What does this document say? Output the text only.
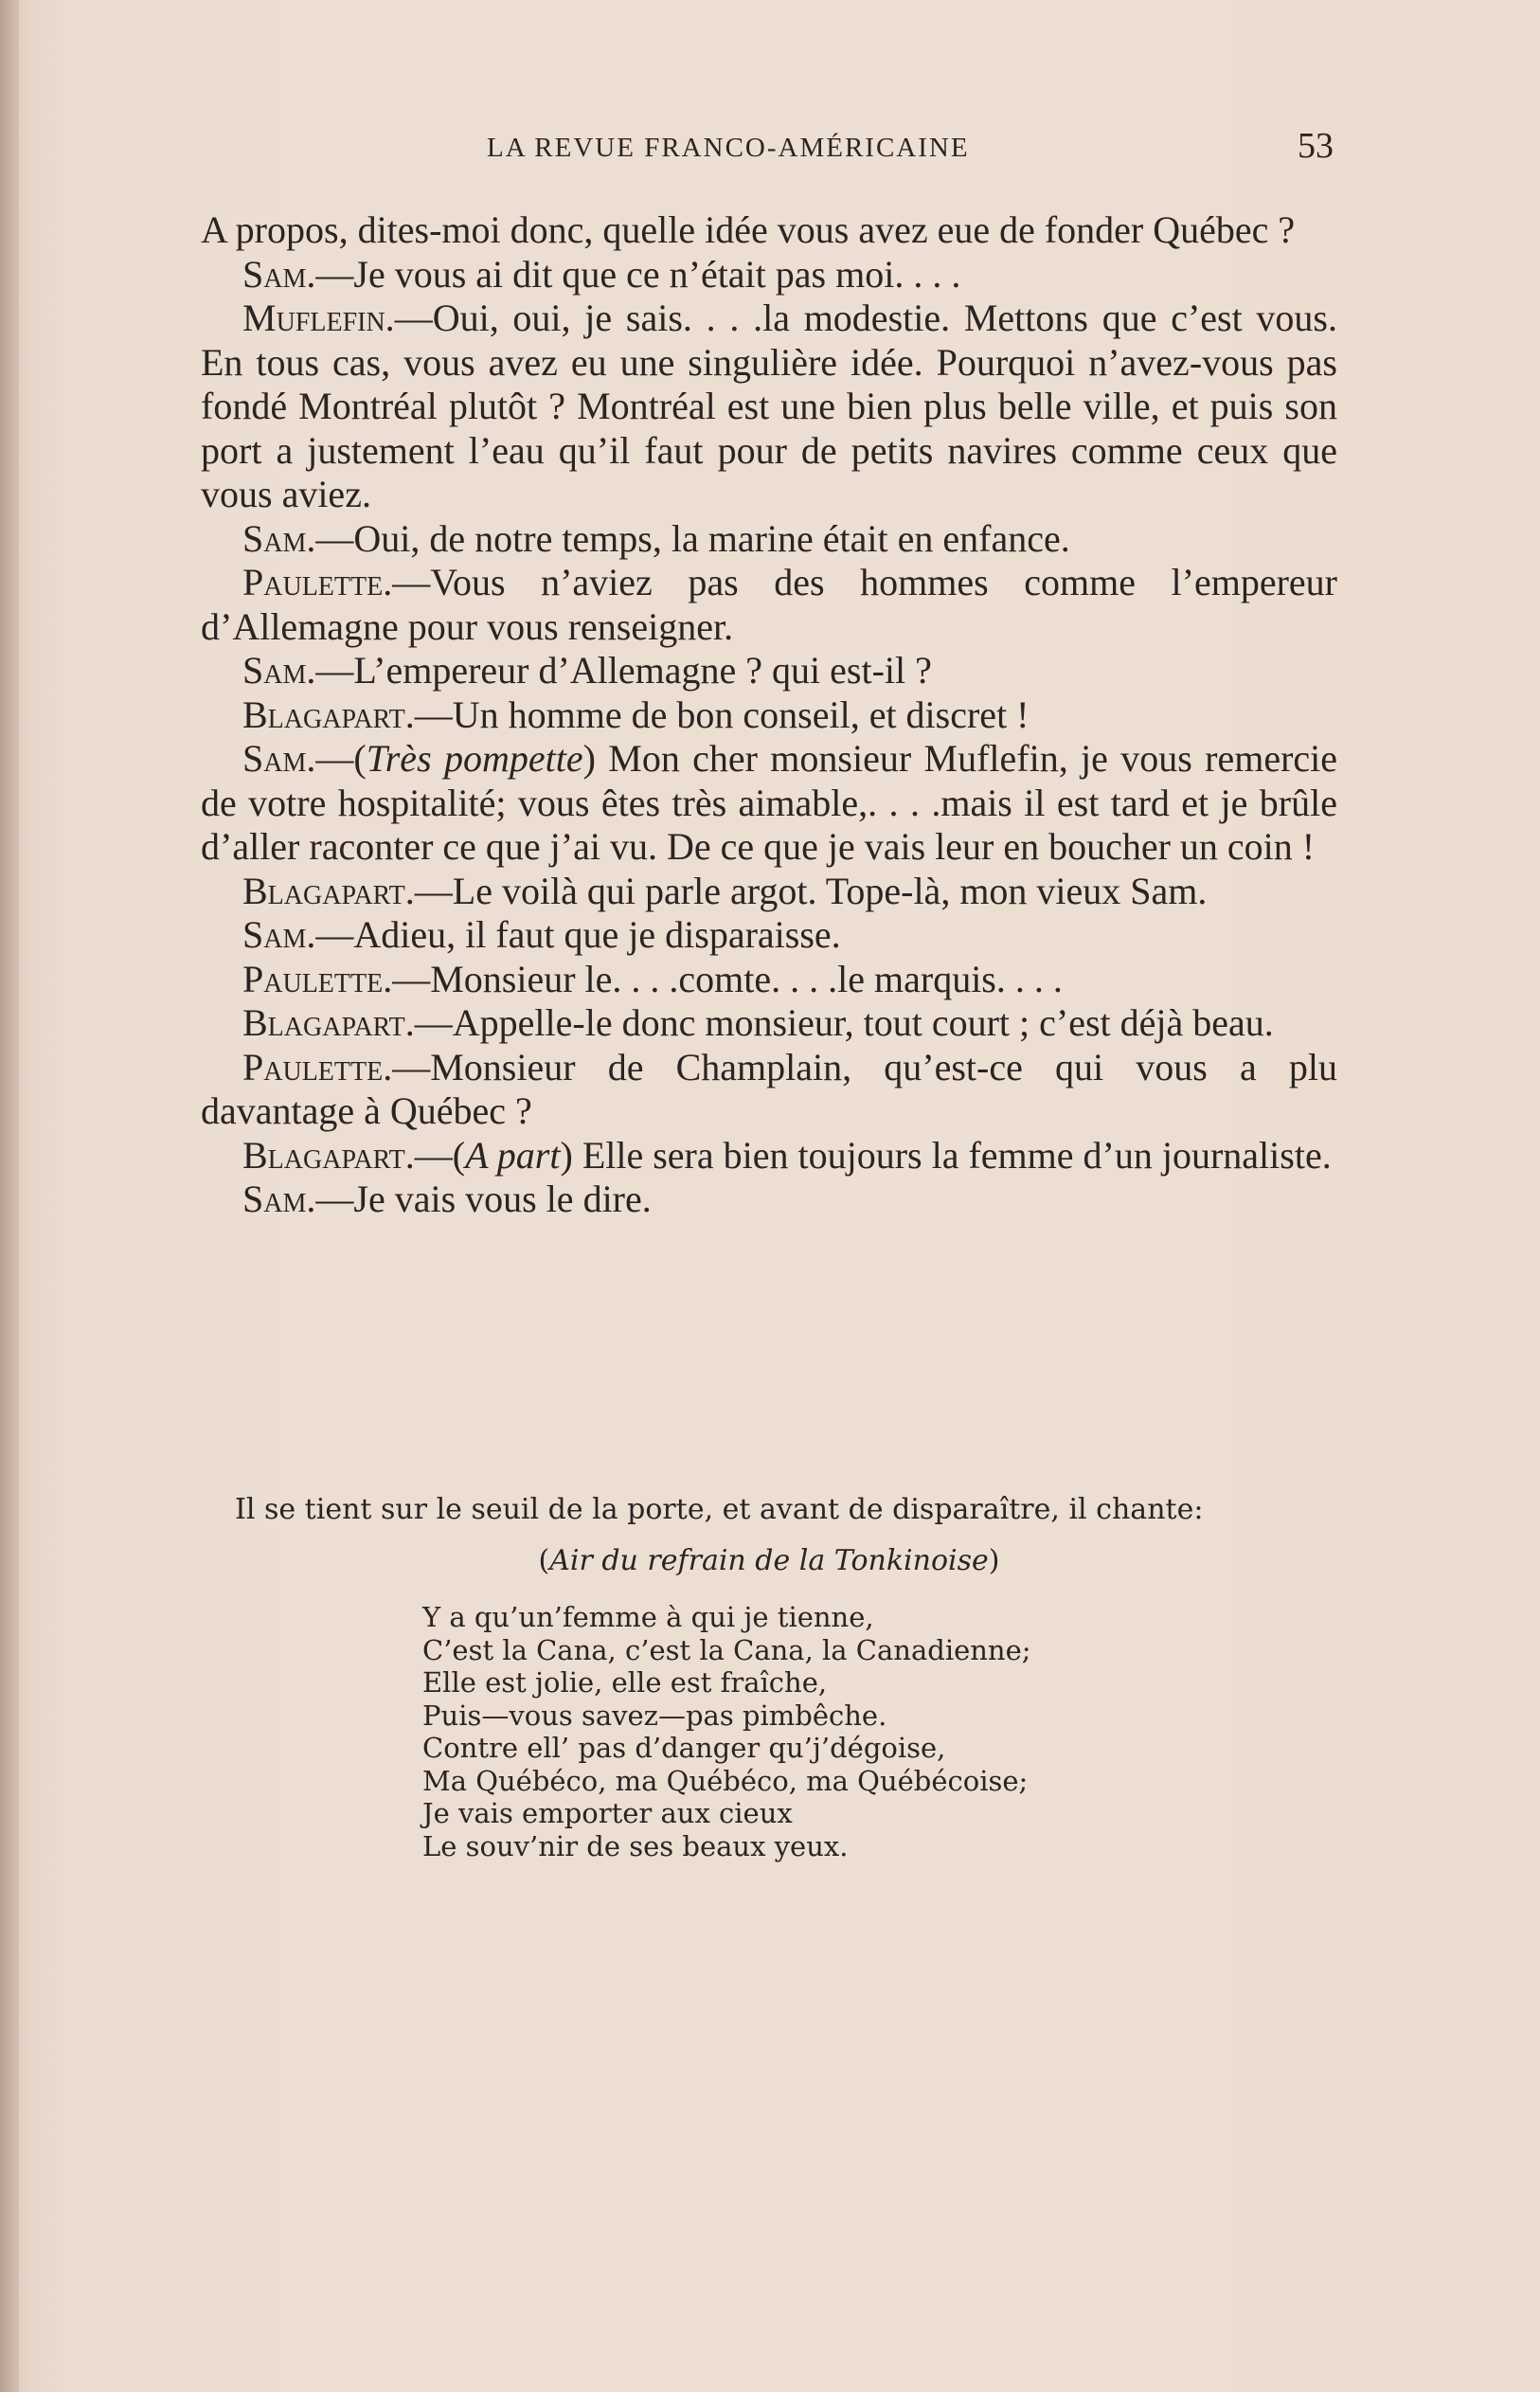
LA REVUE FRANCO-AMÉRICAINE	53

A propos, dites-moi donc, quelle idée vous avez eue de fonder Québec ?

Sam.—Je vous ai dit que ce n’était pas moi. . . .

Muflefin.—Oui, oui, je sais. . . .la modestie. Mettons que c’est vous. En tous cas, vous avez eu une singulière idée. Pourquoi n’avez-vous pas fondé Montréal plutôt ? Montréal est une bien plus belle ville, et puis son port a justement l’eau qu’il faut pour de petits navires comme ceux que vous aviez.

Sam.—Oui, de notre temps, la marine était en enfance.

Paulette.—Vous n’aviez pas des hommes comme l’empereur d’Allemagne pour vous renseigner.

Sam.—L’empereur d’Allemagne ? qui est-il ?

Blagapart.—Un homme de bon conseil, et discret !

Sam.—(Très pompette) Mon cher monsieur Muflefin, je vous remercie de votre hospitalité; vous êtes très aimable,. . . .mais il est tard et je brûle d’aller raconter ce que j’ai vu. De ce que je vais leur en boucher un coin !

Blagapart.—Le voilà qui parle argot. Tope-là, mon vieux Sam.

Sam.—Adieu, il faut que je disparaisse.

Paulette.—Monsieur le. . . .comte. . . .le marquis. . . .

Blagapart.—Appelle-le donc monsieur, tout court ; c’est déjà beau.

Paulette.—Monsieur de Champlain, qu’est-ce qui vous a plu davantage à Québec ?

Blagapart.—(A part) Elle sera bien toujours la femme d’un journaliste.

Sam.—Je vais vous le dire.

Il se tient sur le seuil de la porte, et avant de disparaître, il chante:
(Air du refrain de la Tonkinoise)
Y a qu’un’femme à qui je tienne,
C’est la Cana, c’est la Cana, la Canadienne;
Elle est jolie, elle est fraîche,
Puis—vous savez—pas pimbêche.
Contre ell’ pas d’danger qu’j’dégoise,
Ma Québéco, ma Québéco, ma Québécoise;
Je vais emporter aux cieux
Le souv’nir de ses beaux yeux.
